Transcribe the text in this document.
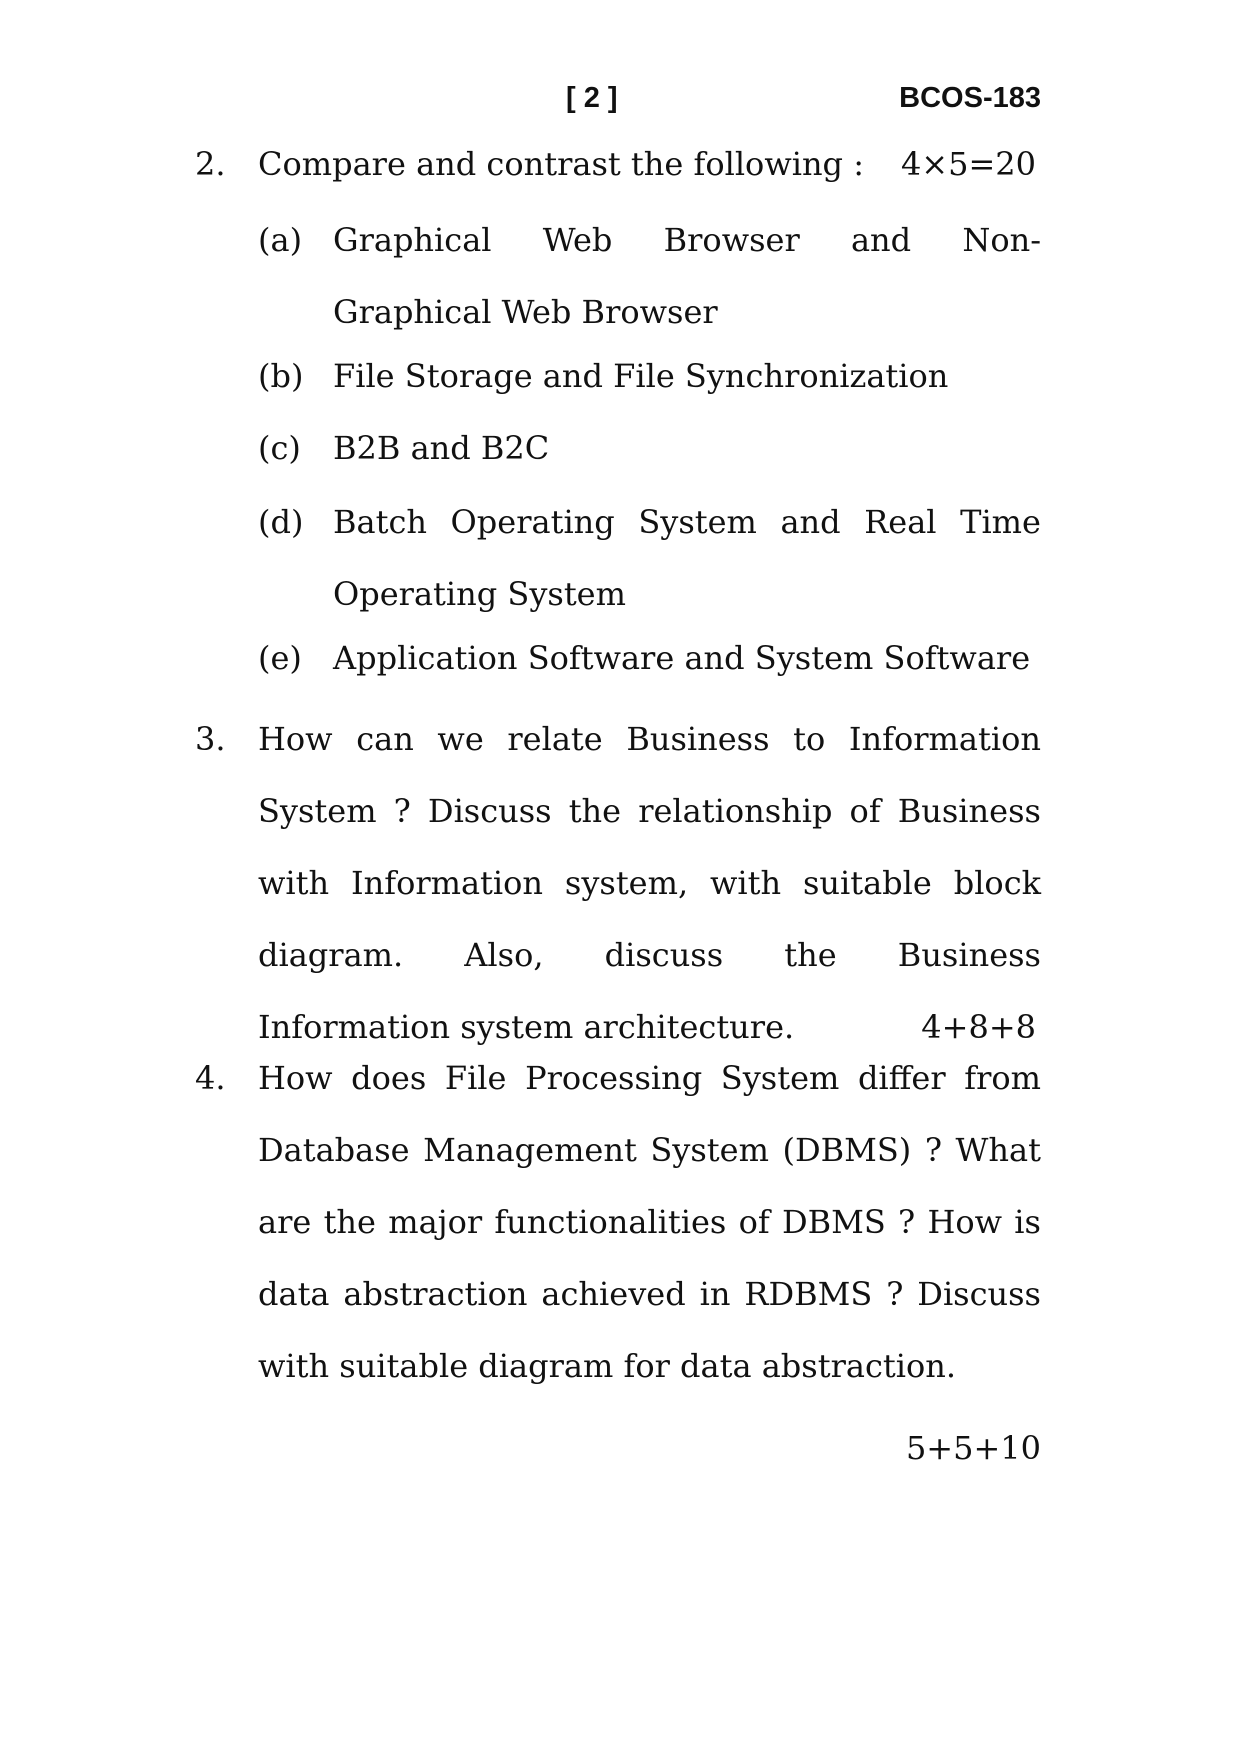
[ 2 ]	BCOS-183
2.	Compare and contrast the following : 4×5=20
(a) Graphical Web Browser and Non-
Graphical Web Browser
(b) File Storage and File Synchronization
(c) B2B and B2C
(d) Batch Operating System and Real Time
Operating System
(e) Application Software and System Software
3.	How can we relate Business to Information
System ? Discuss the relationship of Business
with Information system, with suitable block
diagram. Also, discuss the Business
Information system architecture.	4+8+8
4.	How does File Processing System differ from
Database Management System (DBMS) ? What
are the major functionalities of DBMS ? How is
data abstraction achieved in RDBMS ? Discuss
with suitable diagram for data abstraction.
5+5+10
